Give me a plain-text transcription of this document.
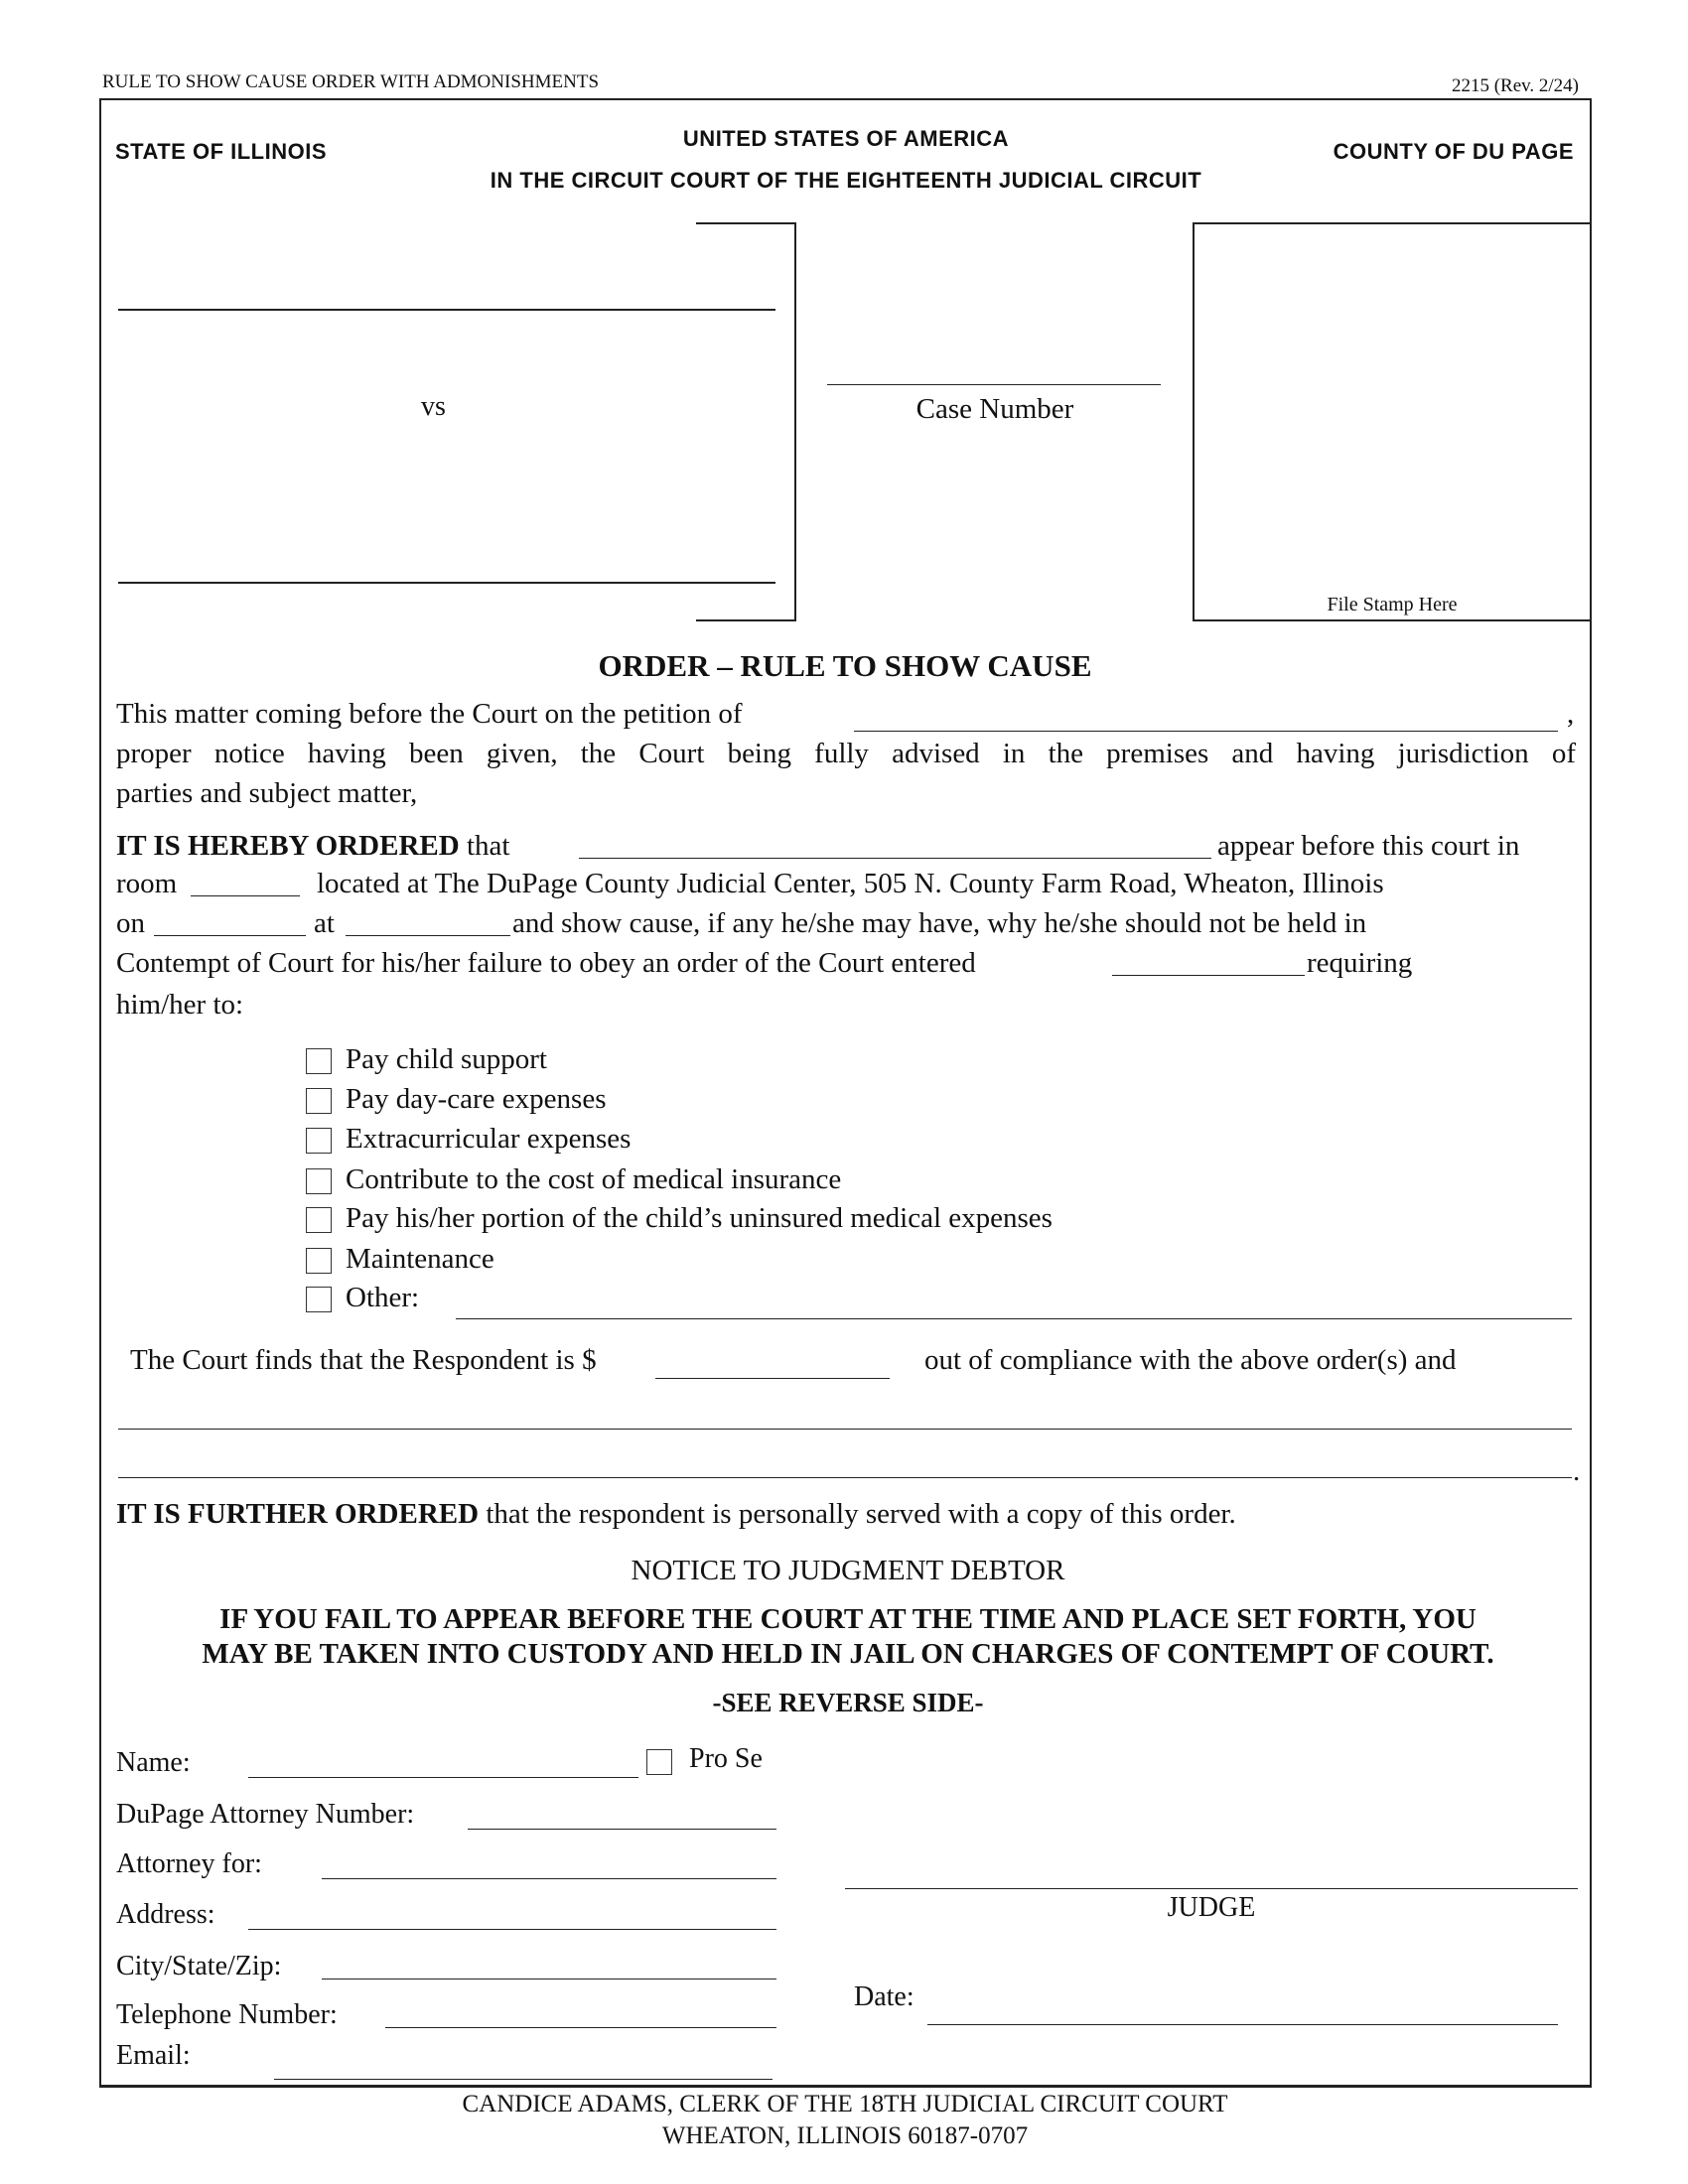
RULE TO SHOW CAUSE ORDER WITH ADMONISHMENTS	2215 (Rev. 2/24)
STATE OF ILLINOIS
UNITED STATES OF AMERICA
IN THE CIRCUIT COURT OF THE EIGHTEENTH JUDICIAL CIRCUIT
COUNTY OF DU PAGE
vs	Case Number
File Stamp Here
ORDER – RULE TO SHOW CAUSE
This matter coming before the Court on the petition of	,
proper notice having been given, the Court being fully advised in the premises and having jurisdiction of
parties and subject matter,
IT IS HEREBY ORDERED that	appear before this court in
room	located at The DuPage County Judicial Center, 505 N. County Farm Road, Wheaton, Illinois
on	at	and show cause, if any he/she may have, why he/she should not be held in
Contempt of Court for his/her failure to obey an order of the Court entered	requiring
him/her to:
Pay child support
Pay day-care expenses
Extracurricular expenses
Contribute to the cost of medical insurance
Pay his/her portion of the child’s uninsured medical expenses
Maintenance
Other:
The Court finds that the Respondent is $	out of compliance with the above order(s) and
.
IT IS FURTHER ORDERED that the respondent is personally served with a copy of this order.
NOTICE TO JUDGMENT DEBTOR
IF YOU FAIL TO APPEAR BEFORE THE COURT AT THE TIME AND PLACE SET FORTH, YOU
MAY BE TAKEN INTO CUSTODY AND HELD IN JAIL ON CHARGES OF CONTEMPT OF COURT.
-SEE REVERSE SIDE-
Name:	Pro Se
DuPage Attorney Number:
Attorney for:
Address:
City/State/Zip:
Telephone Number:
Email:
JUDGE
Date:
CANDICE ADAMS, CLERK OF THE 18TH JUDICIAL CIRCUIT COURT
WHEATON, ILLINOIS 60187-0707
